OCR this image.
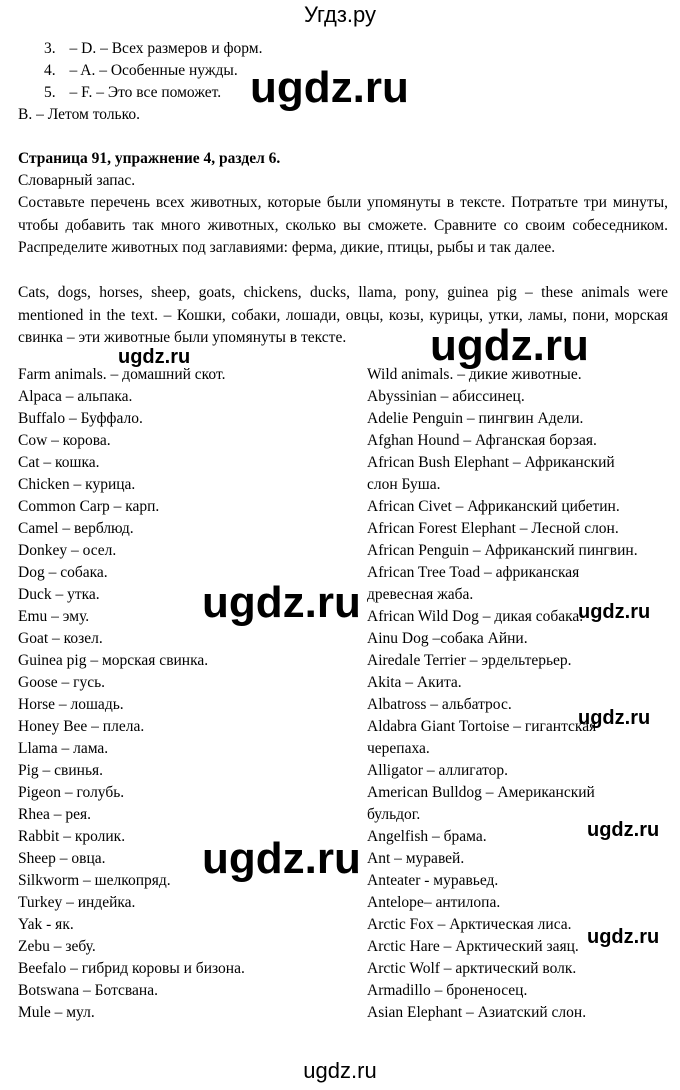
Угдз.ру
3. – D. – Всех размеров и форм.
4. – A. – Особенные нужды.
5. – F. – Это все поможет.
B. – Летом только.
Страница 91, упражнение 4, раздел 6.
Словарный запас.
Составьте перечень всех животных, которые были упомянуты в тексте. Потратьте три минуты, чтобы добавить так много животных, сколько вы сможете. Сравните со своим собеседником. Распределите животных под заглавиями: ферма, дикие, птицы, рыбы и так далее.
Cats, dogs, horses, sheep, goats, chickens, ducks, llama, pony, guinea pig – these animals were mentioned in the text. – Кошки, собаки, лошади, овцы, козы, курицы, утки, ламы, пони, морская свинка – эти животные были упомянуты в тексте.
Farm animals. – домашний скот.
Alpaca – альпака.
Buffalo – Буффало.
Cow – корова.
Cat – кошка.
Chicken – курица.
Common Carp – карп.
Camel – верблюд.
Donkey – осел.
Dog – собака.
Duck – утка.
Emu – эму.
Goat – козел.
Guinea pig – морская свинка.
Goose – гусь.
Horse – лошадь.
Honey Bee – плела.
Llama – лама.
Pig – свинья.
Pigeon – голубь.
Rhea – рея.
Rabbit – кролик.
Sheep – овца.
Silkworm – шелкопряд.
Turkey – индейка.
Yak - як.
Zebu – зебу.
Beefalo – гибрид коровы и бизона.
Botswana – Ботсвана.
Mule – мул.
Wild animals. – дикие животные.
Abyssinian – абиссинец.
Adelie Penguin – пингвин Адели.
Afghan Hound – Афганская борзая.
African Bush Elephant – Африканский
слон Буша.
African Civet – Африканский цибетин.
African Forest Elephant – Лесной слон.
African Penguin – Африканский пингвин.
African Tree Toad – африканская
древесная жаба.
African Wild Dog – дикая собака.
Ainu Dog –собака Айни.
Airedale Terrier – эрдельтерьер.
Akita – Акита.
Albatross – альбатрос.
Aldabra Giant Tortoise – гигантская
черепаха.
Alligator – аллигатор.
American Bulldog – Американский
бульдог.
Angelfish – брама.
Ant – муравей.
Anteater - муравьед.
Antelope– антилопа.
Arctic Fox – Арктическая лиса.
Arctic Hare – Арктический заяц.
Arctic Wolf – арктический волк.
Armadillo – броненосец.
Asian Elephant – Азиатский слон.
ugdz.ru
ugdz.ru	ugdz.ru
ugdz.ru	ugdz.ru
ugdz.ru
ugdz.ru
ugdz.ru
ugdz.ru
ugdz.ru
